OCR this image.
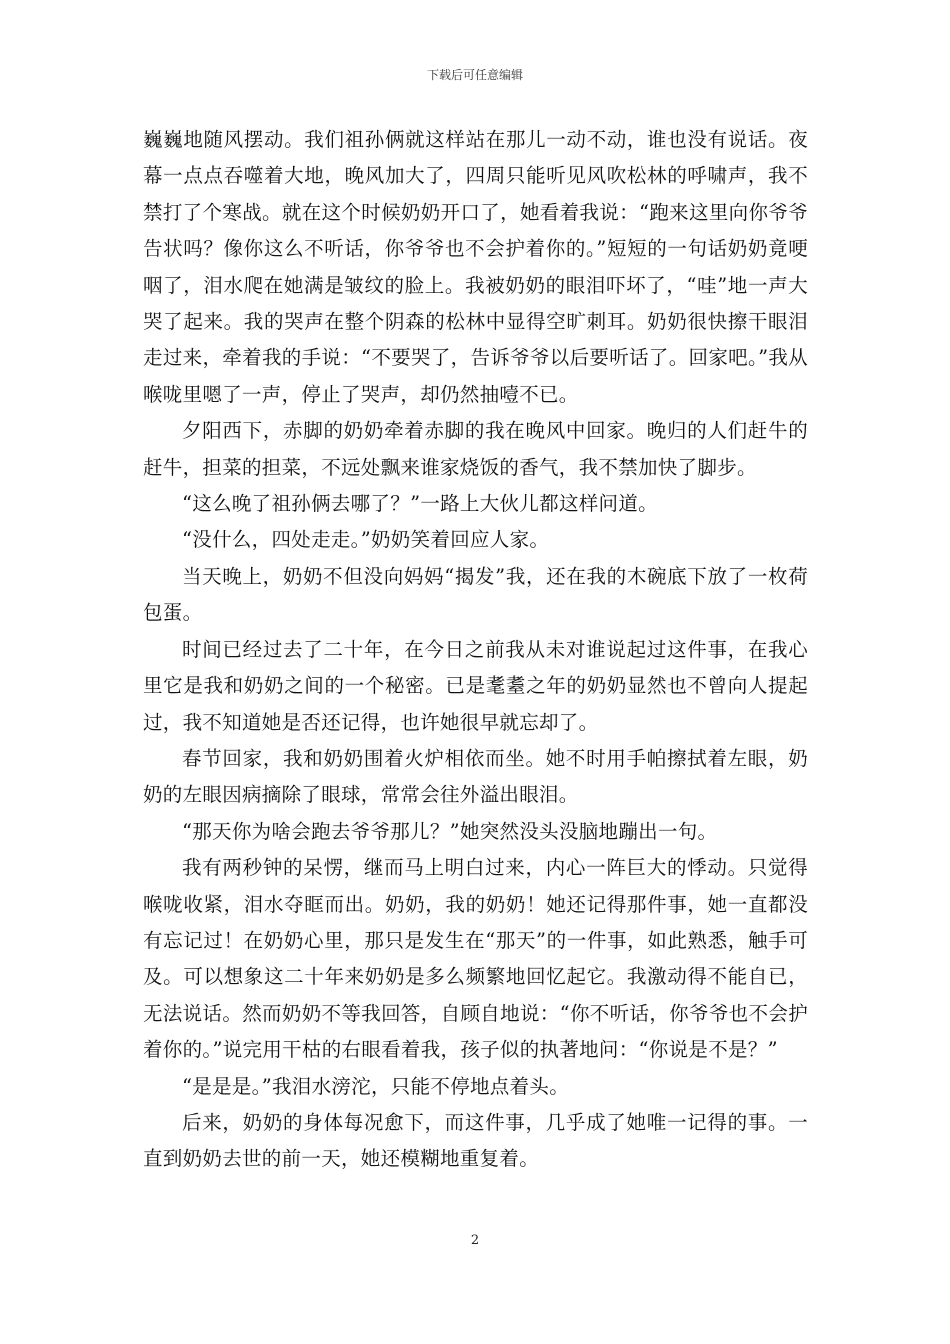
下载后可任意编辑

巍巍地随风摆动。我们祖孙俩就这样站在那儿一动不动，谁也没有说话。夜幕一点点吞噬着大地，晚风加大了，四周只能听见风吹松林的呼啸声，我不禁打了个寒战。就在这个时候奶奶开口了，她看着我说：“跑来这里向你爷爷告状吗？像你这么不听话，你爷爷也不会护着你的。”短短的一句话奶奶竟哽咽了，泪水爬在她满是皱纹的脸上。我被奶奶的眼泪吓坏了，“哇”地一声大哭了起来。我的哭声在整个阴森的松林中显得空旷刺耳。奶奶很快擦干眼泪走过来，牵着我的手说：“不要哭了，告诉爷爷以后要听话了。回家吧。”我从喉咙里嗯了一声，停止了哭声，却仍然抽噎不已。

夕阳西下，赤脚的奶奶牵着赤脚的我在晚风中回家。晚归的人们赶牛的赶牛，担菜的担菜，不远处飘来谁家烧饭的香气，我不禁加快了脚步。

“这么晚了祖孙俩去哪了？”一路上大伙儿都这样问道。

“没什么，四处走走。”奶奶笑着回应人家。

当天晚上，奶奶不但没向妈妈“揭发”我，还在我的木碗底下放了一枚荷包蛋。

时间已经过去了二十年，在今日之前我从未对谁说起过这件事，在我心里它是我和奶奶之间的一个秘密。已是耄耋之年的奶奶显然也不曾向人提起过，我不知道她是否还记得，也许她很早就忘却了。

春节回家，我和奶奶围着火炉相依而坐。她不时用手帕擦拭着左眼，奶奶的左眼因病摘除了眼球，常常会往外溢出眼泪。

“那天你为啥会跑去爷爷那儿？”她突然没头没脑地蹦出一句。

我有两秒钟的呆愣，继而马上明白过来，内心一阵巨大的悸动。只觉得喉咙收紧，泪水夺眶而出。奶奶，我的奶奶！她还记得那件事，她一直都没有忘记过！在奶奶心里，那只是发生在“那天”的一件事，如此熟悉，触手可及。可以想象这二十年来奶奶是多么频繁地回忆起它。我激动得不能自已，无法说话。然而奶奶不等我回答，自顾自地说：“你不听话，你爷爷也不会护着你的。”说完用干枯的右眼看着我，孩子似的执著地问：“你说是不是？”

“是是是。”我泪水滂沱，只能不停地点着头。

后来，奶奶的身体每况愈下，而这件事，几乎成了她唯一记得的事。一直到奶奶去世的前一天，她还模糊地重复着。

2
